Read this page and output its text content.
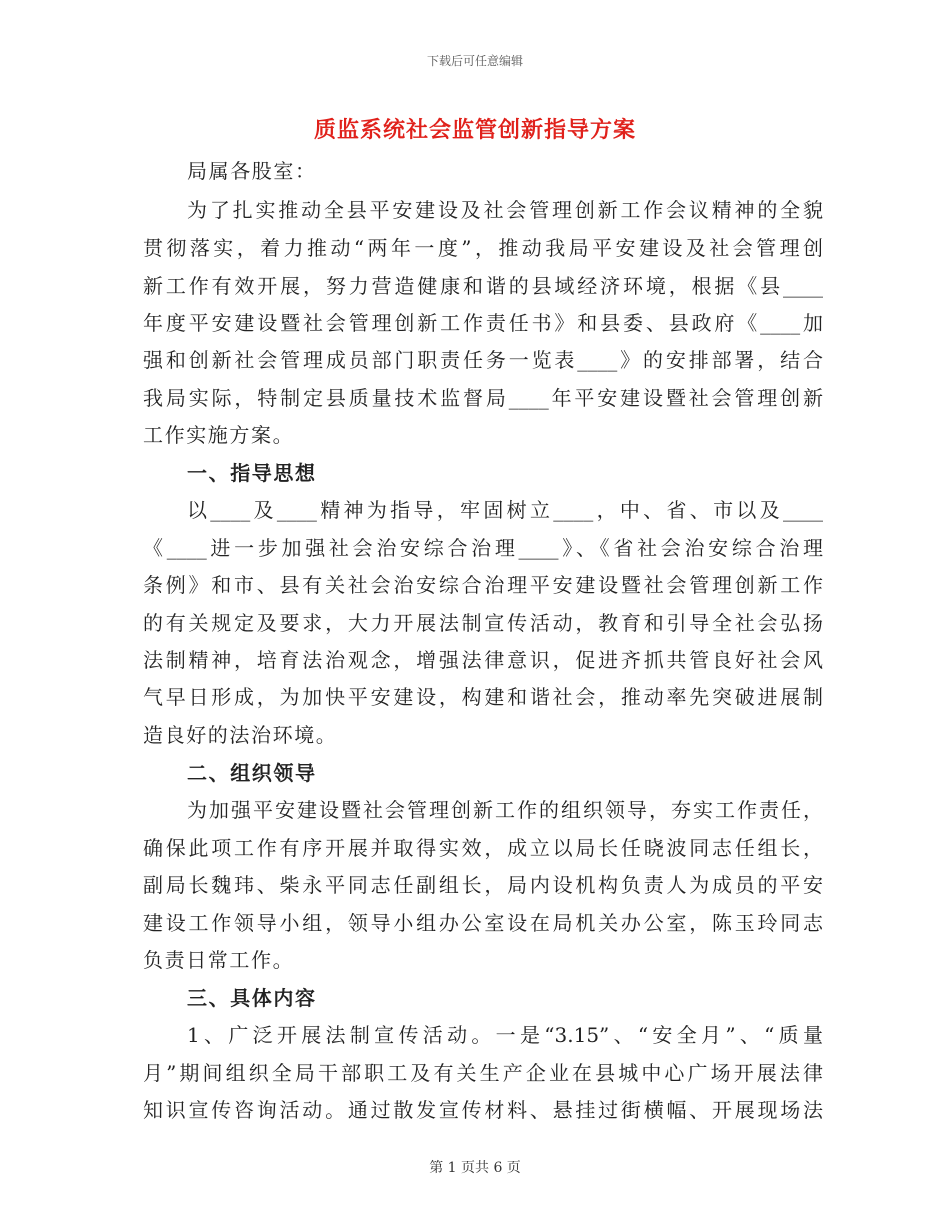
下载后可任意编辑
质监系统社会监管创新指导方案
局属各股室：
为了扎实推动全县平安建设及社会管理创新工作会议精神的全貌
贯彻落实，着力推动“两年一度”，推动我局平安建设及社会管理创
新工作有效开展，努力营造健康和谐的县域经济环境，根据《县____
年度平安建设暨社会管理创新工作责任书》和县委、县政府《____加
强和创新社会管理成员部门职责任务一览表____》的安排部署，结合
我局实际，特制定县质量技术监督局____年平安建设暨社会管理创新
工作实施方案。
一、指导思想
以____及____精神为指导，牢固树立____，中、省、市以及____
《____进一步加强社会治安综合治理____》、《省社会治安综合治理
条例》和市、县有关社会治安综合治理平安建设暨社会管理创新工作
的有关规定及要求，大力开展法制宣传活动，教育和引导全社会弘扬
法制精神，培育法治观念，增强法律意识，促进齐抓共管良好社会风
气早日形成，为加快平安建设，构建和谐社会，推动率先突破进展制
造良好的法治环境。
二、组织领导
为加强平安建设暨社会管理创新工作的组织领导，夯实工作责任，
确保此项工作有序开展并取得实效，成立以局长任晓波同志任组长，
副局长魏玮、柴永平同志任副组长，局内设机构负责人为成员的平安
建设工作领导小组，领导小组办公室设在局机关办公室，陈玉玲同志
负责日常工作。
三、具体内容
1、广泛开展法制宣传活动。一是“3.15”、“安全月”、“质量
月”期间组织全局干部职工及有关生产企业在县城中心广场开展法律
知识宣传咨询活动。通过散发宣传材料、悬挂过街横幅、开展现场法
第 1 页共 6 页
